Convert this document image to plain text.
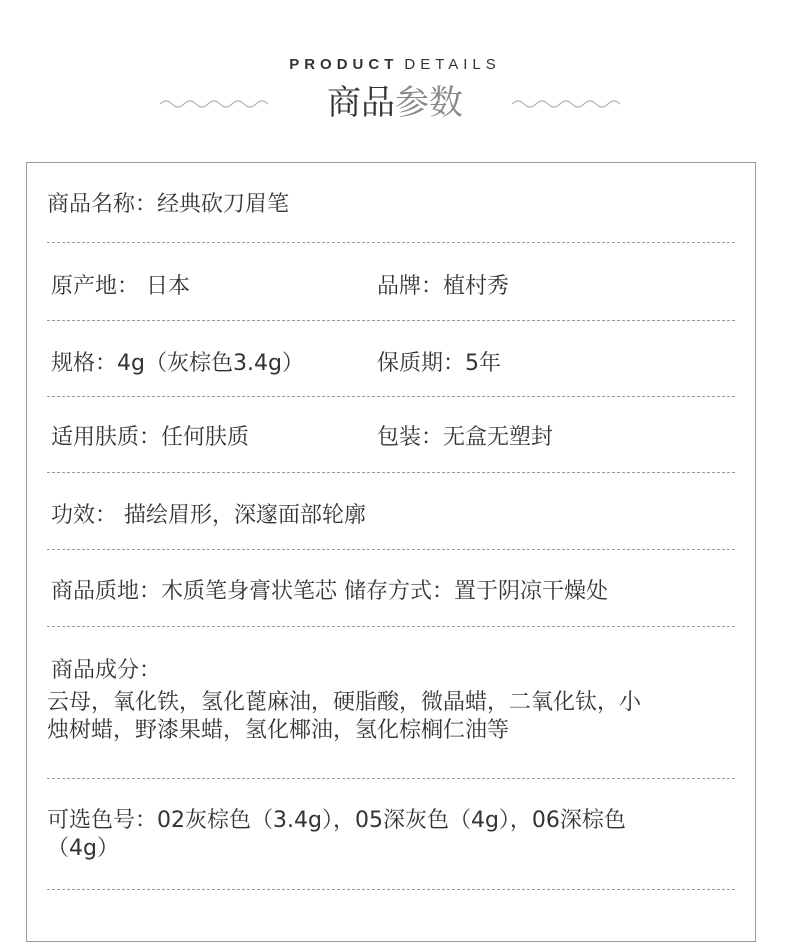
PRODUCT DETAILS
商品参数
商品名称：经典砍刀眉笔
原产地： 日本	品牌：植村秀
规格：4g（灰棕色3.4g）	保质期：5年
适用肤质：任何肤质	包装：无盒无塑封
功效： 描绘眉形，深邃面部轮廓
商品质地：木质笔身膏状笔芯 储存方式：置于阴凉干燥处
商品成分：
云母，氧化铁，氢化蓖麻油，硬脂酸，微晶蜡，二氧化钛，小
烛树蜡，野漆果蜡，氢化椰油，氢化棕榈仁油等
可选色号：02灰棕色（3.4g），05深灰色（4g），06深棕色
（4g）
